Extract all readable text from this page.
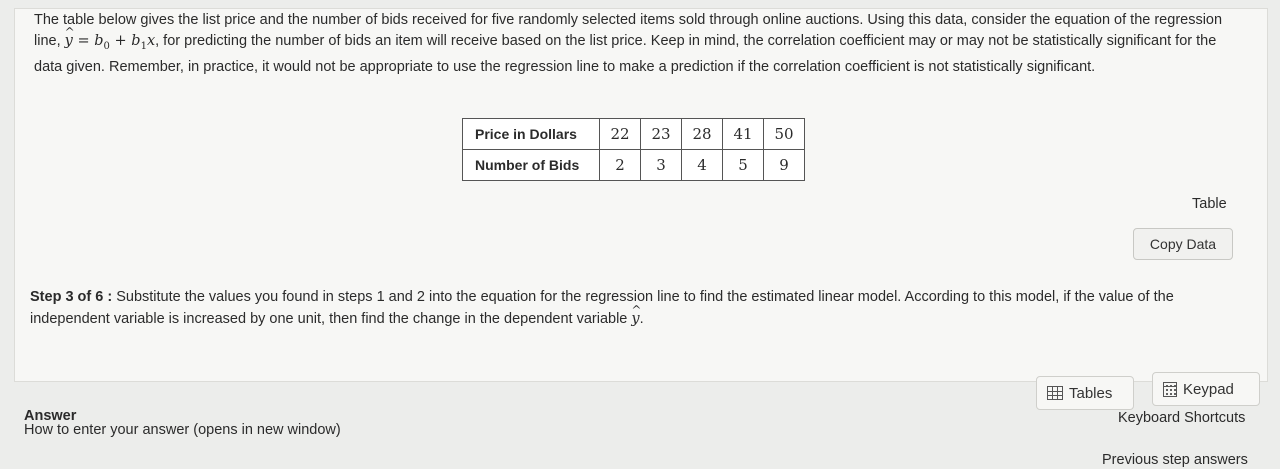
The table below gives the list price and the number of bids received for five randomly selected items sold through online auctions. Using this data, consider the equation of the regression line, ^ $y = b_0 + b_1x$, for predicting the number of bids an item will receive based on the list price. Keep in mind, the correlation coefficient may or may not be statistically significant for the data given. Remember, in practice, it would not be appropriate to use the regression line to make a prediction if the correlation coefficient is not statistically significant.

Price in Dollars	22	23	28	41	50
Number of Bids	2	3	4	5	9
Table
Copy Data

Step 3 of 6 : Substitute the values you found in steps 1 and 2 into the equation for the regression line to find the estimated linear model. According to this model, if the value of the independent variable is increased by one unit, then find the change in the dependent variable ^ y.

Answer
How to enter your answer (opens in new window)
Tables	Keypad
Keyboard Shortcuts
Previous step answers
